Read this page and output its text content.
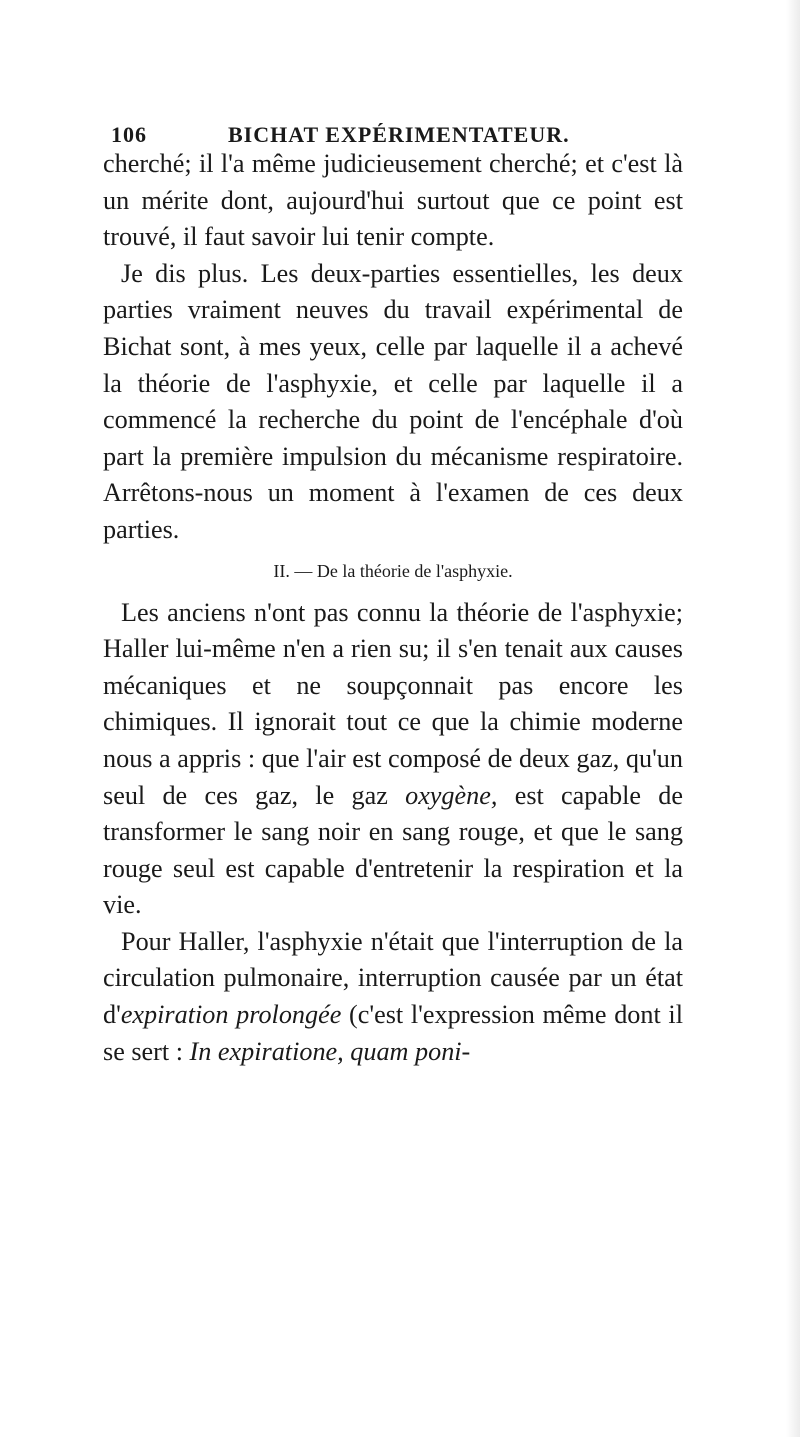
106	BICHAT EXPÉRIMENTATEUR.

cherché; il l'a même judicieusement cherché; et c'est là un mérite dont, aujourd'hui surtout que ce point est trouvé, il faut savoir lui tenir compte.

Je dis plus. Les deux-parties essentielles, les deux parties vraiment neuves du travail expérimental de Bichat sont, à mes yeux, celle par laquelle il a achevé la théorie de l'asphyxie, et celle par laquelle il a commencé la recherche du point de l'encéphale d'où part la première impulsion du mécanisme respiratoire. Arrêtons-nous un moment à l'examen de ces deux parties.

II. — De la théorie de l'asphyxie.

Les anciens n'ont pas connu la théorie de l'asphyxie; Haller lui-même n'en a rien su; il s'en tenait aux causes mécaniques et ne soupçonnait pas encore les chimiques. Il ignorait tout ce que la chimie moderne nous a appris : que l'air est composé de deux gaz, qu'un seul de ces gaz, le gaz oxygène, est capable de transformer le sang noir en sang rouge, et que le sang rouge seul est capable d'entretenir la respiration et la vie.

Pour Haller, l'asphyxie n'était que l'interruption de la circulation pulmonaire, interruption causée par un état d'expiration prolongée (c'est l'expression même dont il se sert : In expiratione, quam poni-
